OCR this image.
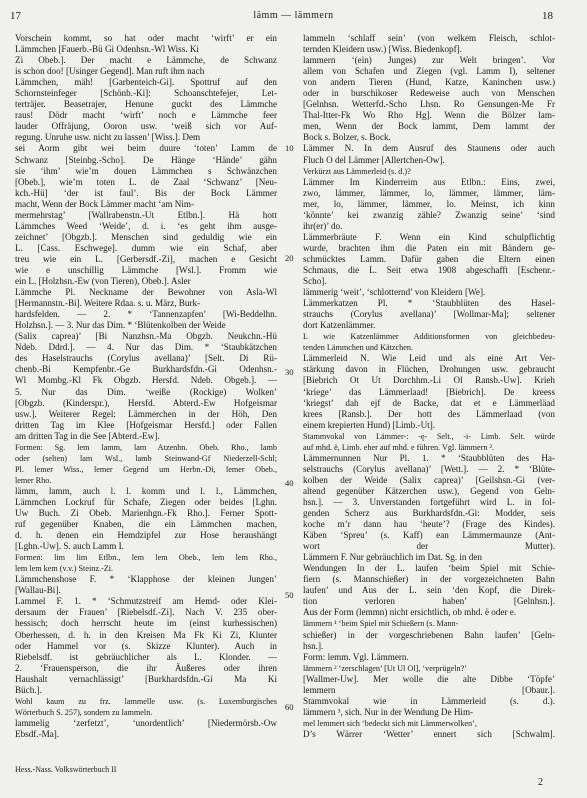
17	lämm — lämmern	18
Vorschein kommt, so hat oder macht ‘wirft’ er ein
Lämmchen [Fauerb.-Bü Gi Odenhsn.-Wl Wiss. Ki
Zi Obeb.]. Der macht e Lämmche, de Schwanz
is schon doo! [Usinger Gegend]. Man ruft ihm nach
Lämmchen, mäh! [Garbenteich-Gi]. Spottruf auf den
Schornsteinfeger [Schönb.-Ki]: Schoanschtefejer, Let-
terträjer. Beasetrajer, Henune guckt des Lämmche
raus! Dödr macht ‘wirft’ noch e Lämmche feer
lauder Offräjung, Ooron usw. ‘weiß sich vor Auf-
regung. Unruhe usw. nicht zu lassen’ [Wiss.]. Dem
sei Aorm gibt wei beim duure ‘toten’ Lamm de
Schwanz [Steinbg.-Scho]. De Hänge ‘Hände’ gähn
sie ‘ihm’ wie’m douen Lämmchen s Schwänzchen
[Obeb.], wie’m toten L. de Zaal ‘Schwanz’ [Neu-
kch.-Hü] ‘der ist faul’. Bis der Bock Lämmer
macht, Wenn der Bock Lämmer macht ‘am Nim-
mermehrstag’ [Wallrabenstn.-Ut Etlbn.]. Hä hott
Lämmches Weed ‘Weide’, d. i. ‘es geht ihm ausge-
zeichnet’ [Obgzb.]. Menschen sind geduldig wie ein
L. [Cass. Eschwege]. dumm wie ein Schaf, aber
treu wie ein L. [Gerbersdf.-Zi], machen e Gesicht
wie e unschillig Lämmche [Wsl.]. Fromm wie
ein L. [Holzhsn.-Ew (von Tieren), Obeb.]. Asler
Lämmche Pl. Neckname der Bewohner von Asla-Wl
[Hermannstn.-Bi]. Weitere Rdaa. s. u. März, Burk-
hardsfelden. — 2. * ‘Tannenzapfen’ [Wi-Beddelhn.
Holzhsn.]. — 3. Nur das Dim. * ‘Blütenkolben der Weide
(Salix caprea)’ [Bi Nanzhsn.-Ma Obgzb. Neukchn.-Hü
Ndeb. Ddrd.]. — 4. Nur das Dim. * ‘Staubkätzchen
des Haselstrauchs (Corylus avellana)’ [Selt. Di Rü-
chenb.-Bi Kempfenbr.-Ge Burkhardsfdn.-Gi Odenhsn.-
Wl Mombg.-Kl Fk Obgzb. Hersfd. Ndeb. Obgeb.]. —
5. Nur das Dim. ‘weiße (Rockige) Wolken’
[Obgzb. (Kinderspr.), Hersfd. Abterd.-Ew Hofgeismar
usw.]. Weiterer Regel: Lämmerchen in der Höh, Den
dritten Tag im Klee [Hofgeismar Hersfd.] oder Fallen
am dritten Tag in die See [Abterd.-Ew].
Formen: Sg. lem lamm, lam Atzenhn. Obeb. Rho., lamb
oder (selten) lam Wsl., lamb Steinwand-Gf Niederzell-Schl;
Pl. lemer Wiss., lemer Gegend um Herbn.-Di, lemer Obeb.,
lemer Rho.
lämm, lamm, auch l. l. komm und l. l., Lämmchen,
Lämmchen Lockruf für Schafe, Ziegen oder beides [Lghn.
Uw Buch. Zi Obeb. Marienhgn.-Fk Rho.]. Ferner Spott-
ruf gegenüber Knaben, die ein Lämmchen machen,
d. h. denen ein Hemdzipfel zur Hose heraushängt
[Lghn.-Uw]. S. auch Lamm I.
Formen: lim lim Etlbn., lem lem Obeb., lem lem Rho.,
lem lem kem (v.v.) Steinz.-Zi.
Lämmchenshose F. * ‘Klapphose der kleinen Jungen’
[Wallau-Bi].
Lammel F. 1. * ‘Schmutzstreif am Hemd- oder Klei-
dersaum der Frauen’ [Riebelsdf.-Zi]. Nach V. 235 ober-
hessisch; doch herrscht heute im (einst kurhessischen)
Oberhessen, d. h. in den Kreisen Ma Fk Ki Zi, Klunter
oder Hammel vor (s. Skizze Klunter). Auch in
Riebelsdf. ist gebräuchlicher als L. Klonder. —
2. ‘Frauensperson, die ihr Äußeres oder ihren
Haushalt vernachlässigt’ [Burkhardsfdn.-Gi Ma Ki
Büch.].
Wohl kaum zu frz. lammelle usw. (s. Luxemburgisches
Wörterbuch S. 257), sondern zu lammeln.
lammelig ‘zerfetzt’, ‘unordentlich’ [Niedermörsb.-Ow
Ebsdf.-Ma].
lammeln ‘schlaff sein’ (von welkem Fleisch, schlot-
ternden Kleidern usw.) [Wiss. Biedenkopf].
lammern ‘(ein) Junges) zur Welt bringen’. Vor
allem von Schafen und Ziegen (vgl. Lamm I), seltener
von andern Tieren (Hund, Katze, Kaninchen usw.)
oder in burschikoser Redeweise auch von Menschen
[Gelnhsn. Wetterfd.-Scho Lhsn. Ro Gensungen-Me Fr
Thal-Itter-Fk Wo Rho Hg]. Wenn die Bölzer lam-
men, Wenn der Bock lammt, Dem lammt der
Bock s. Bolzer, s. Bock.
Lämmer N. In dem Ausruf des Staunens oder auch
Fluch O del Lämmer [Allertchen-Ow].
Verkürzt aus Lämmerleid (s. d.)?
Lämmer Im Kinderreim aus Etlbn.: Eins, zwei,
zwo, lämmer, lämmer, lo, lämmer, lämmer, läm-
mer, lo, lämmer, lämmer, lo. Meinst, ich kinn
‘könnte’ kei zwanzig zähle? Zwanzig seine’ ‘sind
ihr(er)’ do.
Lämmerbräute F. Wenn ein Kind schulpflichtig
wurde, brachten ihm die Paten ein mit Bändern ge-
schmücktes Lamm. Dafür gaben die Eltern einen
Schmaus, die L. Seit etwa 1908 abgeschafft [Eschenr.-
Scho].
lämmerig ‘weit’, ‘schlotternd’ von Kleidern [We].
Lämmerkatzen Pl. * ‘Staubblüten des Hasel-
strauchs (Corylus avellana)’ [Wollmar-Ma]; seltener
dort Katzenlämmer.
L wie Katzenlämmer Additionsformen von gleichbedeu-
tenden Lämmchen und Kätzchen.
Lämmerleid N. Wie Leid und als eine Art Ver-
stärkung davon in Flüchen, Drohungen usw. gebraucht
[Biebrich Ot Ut Dorchhm.-Li Ol Ransb.-Uw]. Krieh
‘kriege’ das Lämmerlaad! [Biebrich]. De kreess
‘kriegst’ dah ejf de Backe, dat et e Lämmerläad
krees [Ransb.]. Der hott des Lämmerlaad (von
einem krepierten Hund) [Limb.-Ut].
Stammvokal von Lämmer-: -ę- Selt., -i- Limb. Selt. würde
auf mhd. ë, Limb. eher auf mhd. e führen. Vgl. lämmern ².
Lämmernunnen Nur Pl. 1. * ‘Staubblüten des Ha-
selstrauchs (Corylus avellana)’ [Wett.]. — 2. * ‘Blüte-
kolben der Weide (Salix caprea)’ [Geilshsn.-Gi (ver-
altend gegenüber Kätzerchen usw.), Gegend von Geln-
hsn.]. — 3. Unverstanden fortgeführt wird L. in fol-
genden Scherz aus Burkhardsfdn.-Gi: Modder, seis
koche m’r dann hau ‘heute’? (Frage des Kindes).
Käben ‘Spreu’ (s. Kaff) ean Lämmermaunze (Ant-
wort der Mutter).
Lämmern F. Nur gebräuchlich im Dat. Sg. in den
Wendungen In der L. laufen ‘beim Spiel mit Schie-
fiern (s. Mannschießer) in der vorgezeichneten Bahn
laufen’ und Aus der L. sein ‘den Kopf, die Direk-
tion verloren haben’ [Gelnhsn.].
Aus der Form (lemmn) nicht ersichtlich, ob mhd. ë oder e.
lämmern ¹ ‘beim Spiel mit Schießern (s. Mann-
schießer) in der vorgeschriebenen Bahn laufen’ [Geln-
hsn.].
Form: lemm. Vgl. Lämmern.
lämmern ² ‘zerschlagen’ [Ut Ul Ol], ‘verprügeln?’
[Wallmer-Uw]. Mer wolle die alte Dibbe ‘Töpfe’
lemmern [Obaur.].
Stammvokal wie in Lämmerleid (s. d.).
lämmern ³, sich. Nur in der Wendung De Him-
mel lemmert sich ‘bedeckt sich mit Lämmerwolken’,
D’s Wärrer ‘Wetter’ ennert sich [Schwalm].
10
20
30
40
50
60
Hess.-Nass. Volkswörterbuch II
2
